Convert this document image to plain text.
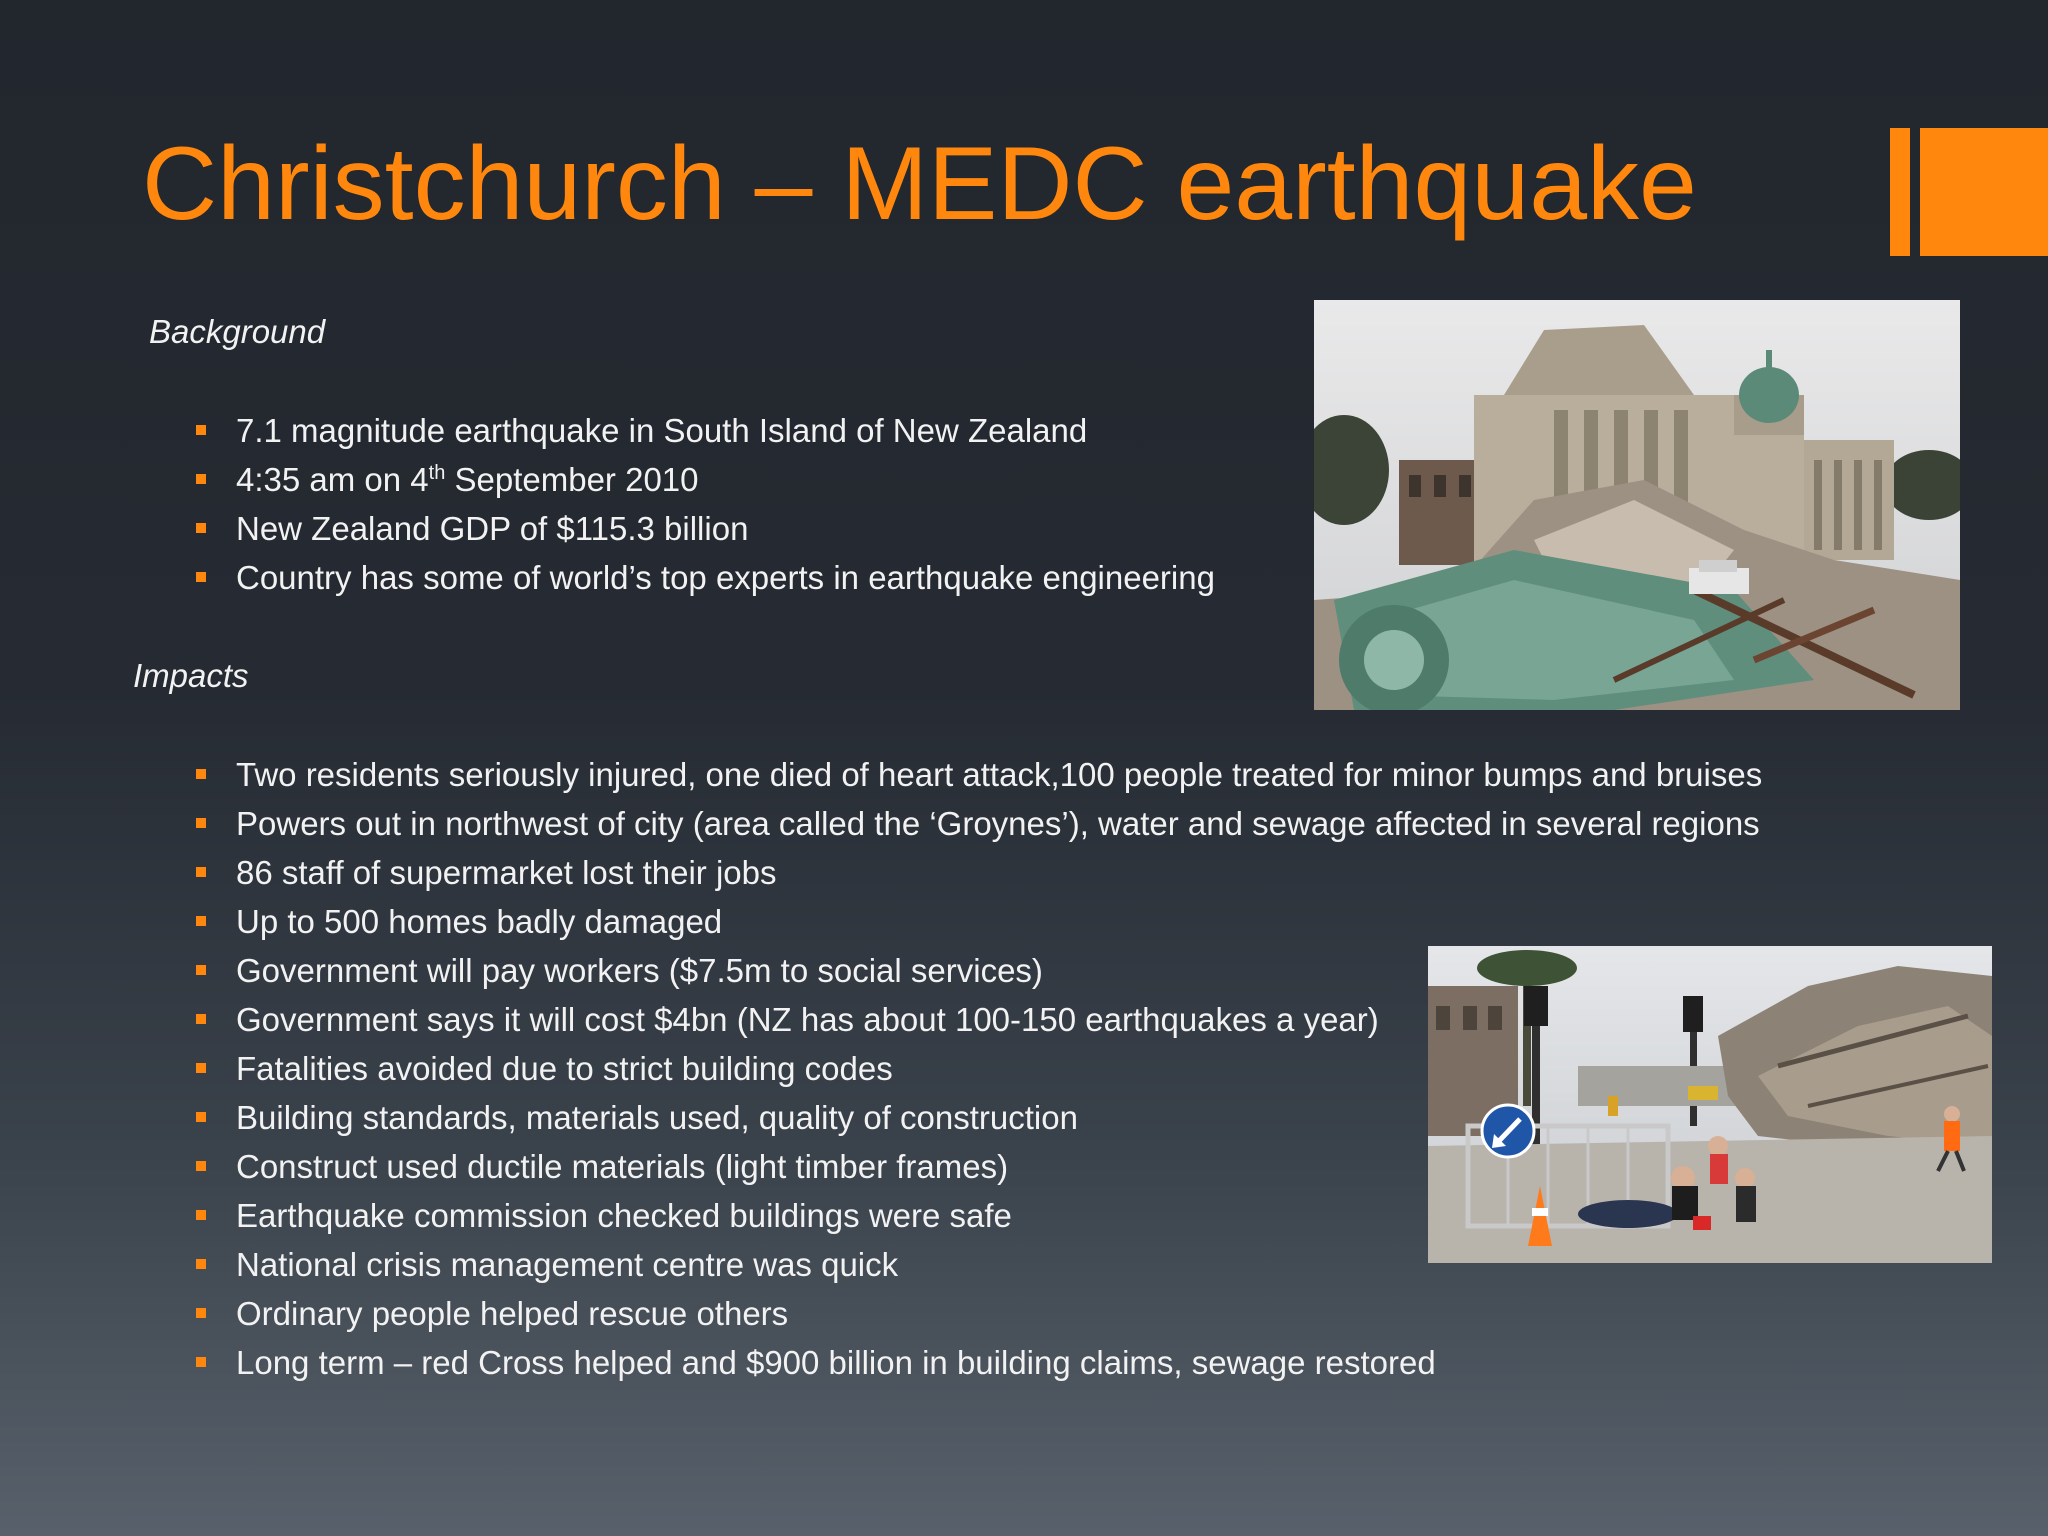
Christchurch – MEDC earthquake

Background

7.1 magnitude earthquake in South Island of New Zealand
4:35 am on 4th September 2010
New Zealand GDP of $115.3 billion
Country has some of world’s top experts in earthquake engineering

Impacts

Two residents seriously injured, one died of heart attack,100 people treated for minor bumps and bruises
Powers out in northwest of city (area called the ‘Groynes’), water and sewage affected in several regions
86 staff of supermarket lost their jobs
Up to 500 homes badly damaged
Government will pay workers ($7.5m to social services)
Government says it will cost $4bn (NZ has about 100-150 earthquakes a year)
Fatalities avoided due to strict building codes
Building standards, materials used, quality of construction
Construct used ductile materials (light timber frames)
Earthquake commission checked buildings were safe
National crisis management centre was quick
Ordinary people helped rescue others
Long term – red Cross helped and $900 billion in building claims, sewage restored
